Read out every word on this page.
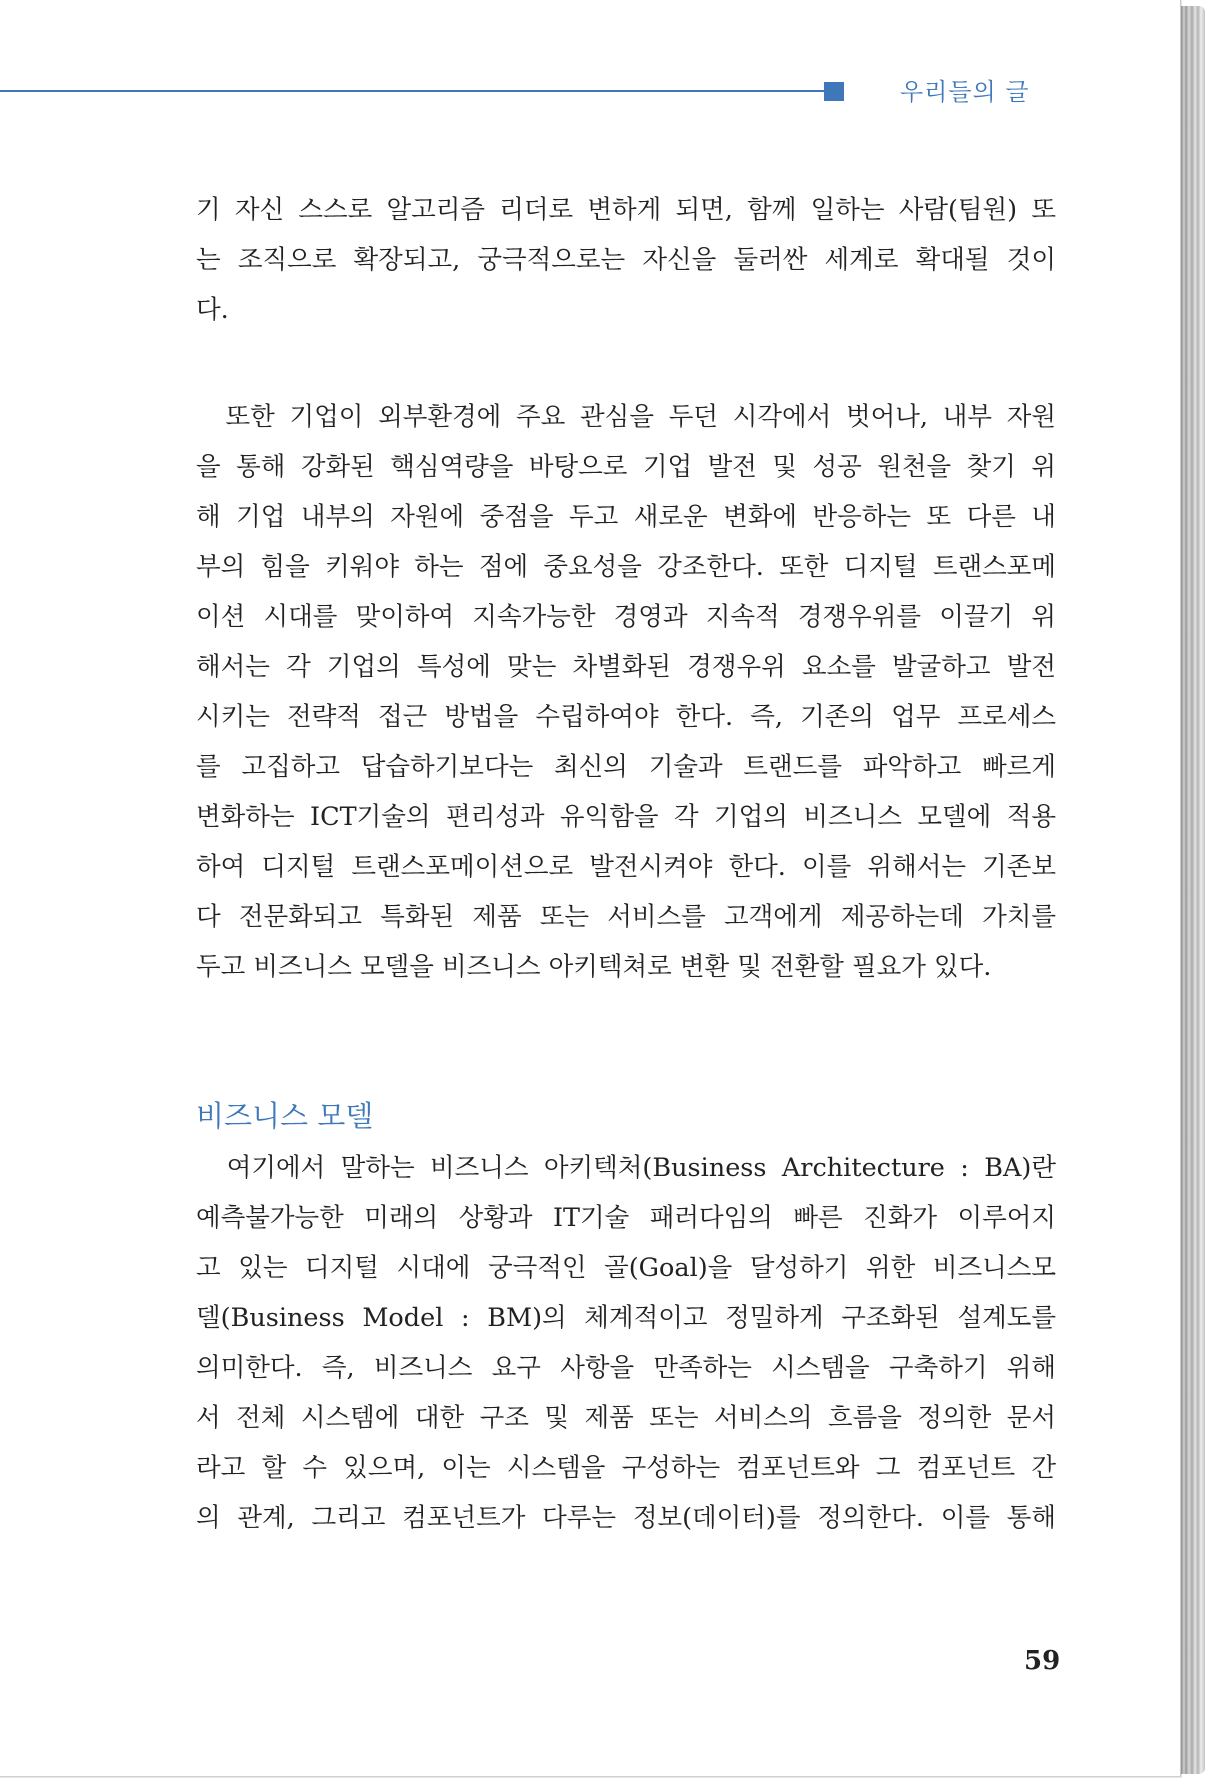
우리들의 글
기 자신 스스로 알고리즘 리더로 변하게 되면, 함께 일하는 사람(팀원) 또
는 조직으로 확장되고, 궁극적으로는 자신을 둘러싼 세계로 확대될 것이
다.
또한 기업이 외부환경에 주요 관심을 두던 시각에서 벗어나, 내부 자원
을 통해 강화된 핵심역량을 바탕으로 기업 발전 및 성공 원천을 찾기 위
해 기업 내부의 자원에 중점을 두고 새로운 변화에 반응하는 또 다른 내
부의 힘을 키워야 하는 점에 중요성을 강조한다. 또한 디지털 트랜스포메
이션 시대를 맞이하여 지속가능한 경영과 지속적 경쟁우위를 이끌기 위
해서는 각 기업의 특성에 맞는 차별화된 경쟁우위 요소를 발굴하고 발전
시키는 전략적 접근 방법을 수립하여야 한다. 즉, 기존의 업무 프로세스
를 고집하고 답습하기보다는 최신의 기술과 트랜드를 파악하고 빠르게
변화하는 ICT기술의 편리성과 유익함을 각 기업의 비즈니스 모델에 적용
하여 디지털 트랜스포메이션으로 발전시켜야 한다. 이를 위해서는 기존보
다 전문화되고 특화된 제품 또는 서비스를 고객에게 제공하는데 가치를
두고 비즈니스 모델을 비즈니스 아키텍쳐로 변환 및 전환할 필요가 있다.
비즈니스 모델
여기에서 말하는 비즈니스 아키텍처(Business Architecture : BA)란
예측불가능한 미래의 상황과 IT기술 패러다임의 빠른 진화가 이루어지
고 있는 디지털 시대에 궁극적인 골(Goal)을 달성하기 위한 비즈니스모
델(Business Model : BM)의 체계적이고 정밀하게 구조화된 설계도를
의미한다. 즉, 비즈니스 요구 사항을 만족하는 시스템을 구축하기 위해
서 전체 시스템에 대한 구조 및 제품 또는 서비스의 흐름을 정의한 문서
라고 할 수 있으며, 이는 시스템을 구성하는 컴포넌트와 그 컴포넌트 간
의 관계, 그리고 컴포넌트가 다루는 정보(데이터)를 정의한다. 이를 통해
59
